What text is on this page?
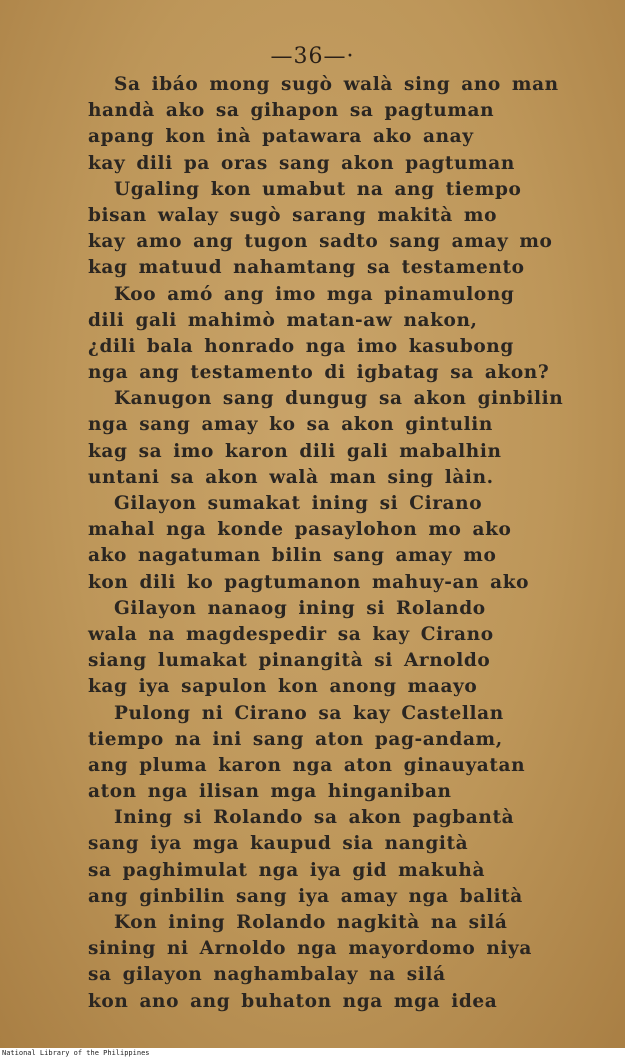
—36—·
Sa ibáo mong sugò walà sing ano man
handà ako sa gihapon sa pagtuman
apang kon inà patawara ako anay
kay dili pa oras sang akon pagtuman
Ugaling kon umabut na ang tiempo
bisan walay sugò sarang makità mo
kay amo ang tugon sadto sang amay mo
kag matuud nahamtang sa testamento
Koo amó ang imo mga pinamulong
dili gali mahimò matan-aw nakon,
¿dili bala honrado nga imo kasubong
nga ang testamento di igbatag sa akon?
Kanugon sang dungug sa akon ginbilin
nga sang amay ko sa akon gintulin
kag sa imo karon dili gali mabalhin
untani sa akon walà man sing làin.
Gilayon sumakat ining si Cirano
mahal nga konde pasaylohon mo ako
ako nagatuman bilin sang amay mo
kon dili ko pagtumanon mahuy-an ako
Gilayon nanaog ining si Rolando
wala na magdespedir sa kay Cirano
siang lumakat pinangità si Arnoldo
kag iya sapulon kon anong maayo
Pulong ni Cirano sa kay Castellan
tiempo na ini sang aton pag-andam,
ang pluma karon nga aton ginauyatan
aton nga ilisan mga hinganiban
Ining si Rolando sa akon pagbantà
sang iya mga kaupud sia nangità
sa paghimulat nga iya gid makuhà
ang ginbilin sang iya amay nga balità
Kon ining Rolando nagkità na silá
sining ni Arnoldo nga mayordomo niya
sa gilayon naghambalay na silá
kon ano ang buhaton nga mga idea
National Library of the Philippines
